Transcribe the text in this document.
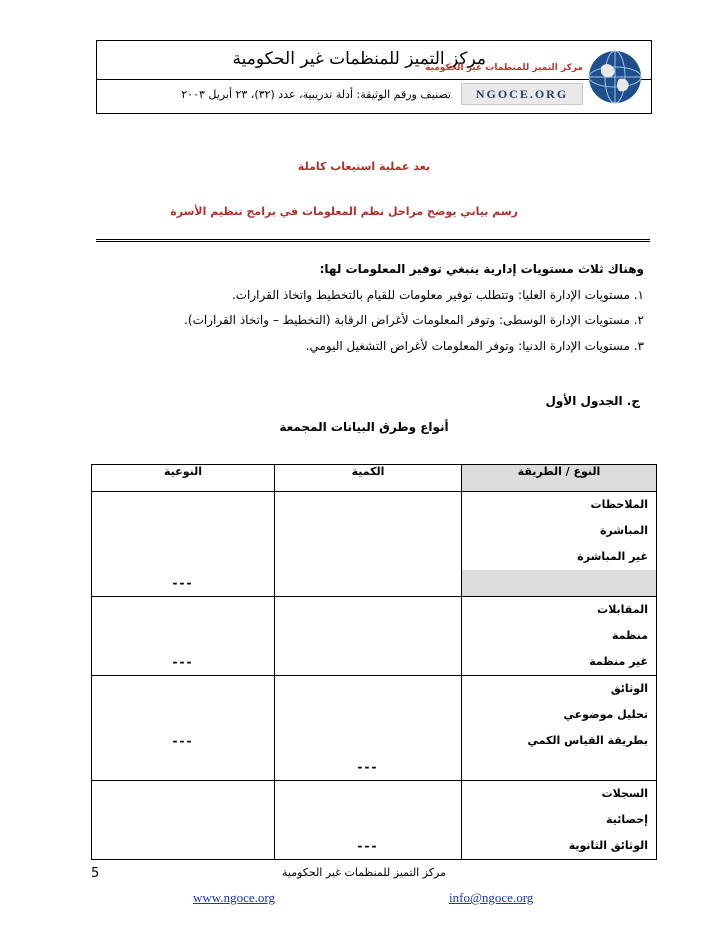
مركز التميز للمنظمات غير الحكومية
تصنيف ورقم الوثيقة: أدلة تدريبية، عدد (٣٢)، ٢٣ أبريل ٢٠٠٣
مركز التميز للمنظمات غير الحكومية
NGOCE.ORG
بعد عملية استيعاب كاملة
رسم بياني يوضح مراحل نظم المعلومات في برامج تنظيم الأسرة
وهناك ثلاث مستويات إدارية ينبغي توفير المعلومات لها:
١. مستويات الإدارة العليا: وتتطلب توفير معلومات للقيام بالتخطيط واتخاذ القرارات.
٢. مستويات الإدارة الوسطى: وتوفر المعلومات لأغراض الرقابة (التخطيط – واتخاذ القرارات).
٣. مستويات الإدارة الدنيا: وتوفر المعلومات لأغراض التشغيل اليومي.
ج. الجدول الأول
أنواع وطرق البيانات المجمعة
النوع / الطريقة	الكمية	النوعية

الملاحظات
المباشرة
غير المباشرة		---

المقابلات
منظمة
غير منظمة		---

الوثائق
تحليل موضوعي
بطريقة القياس الكمي	---	---

السجلات
إحصائية
الوثائق الثانوية	---	

5	مركز التميز للمنظمات غير الحكومية
www.ngoce.org	info@ngoce.org
